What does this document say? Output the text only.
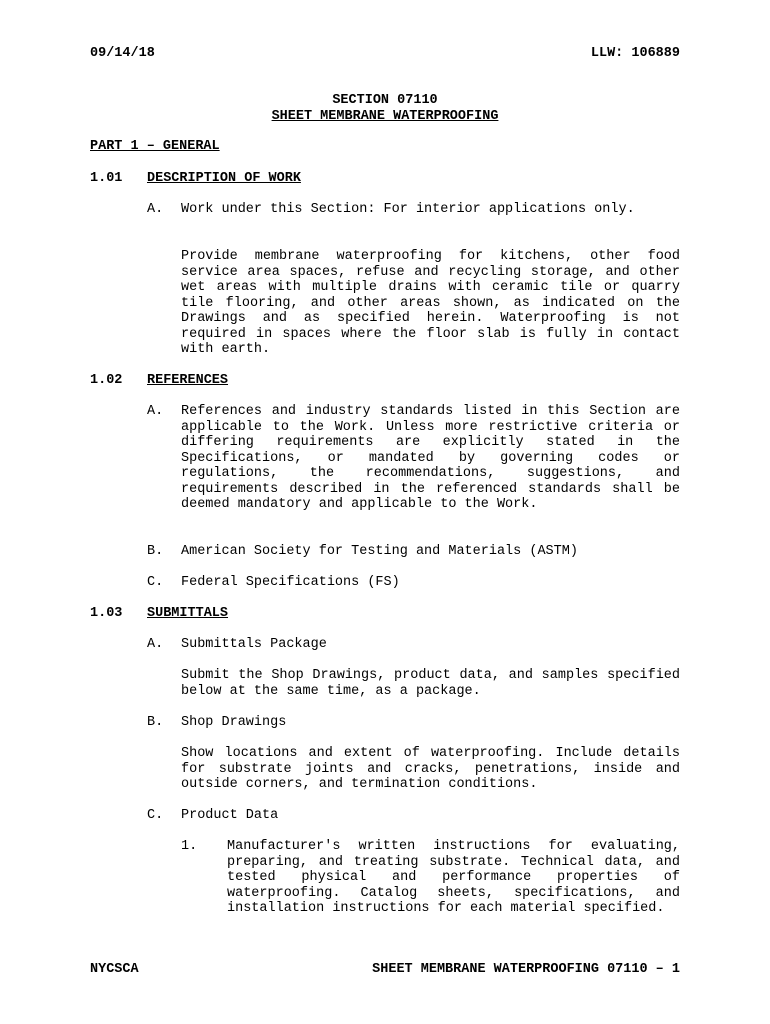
09/14/18	LLW: 106889
SECTION 07110
SHEET MEMBRANE WATERPROOFING
PART 1 – GENERAL
1.01 DESCRIPTION OF WORK
A. Work under this Section: For interior applications only.
Provide membrane waterproofing for kitchens, other food service area spaces, refuse and recycling storage, and other wet areas with multiple drains with ceramic tile or quarry tile flooring, and other areas shown, as indicated on the Drawings and as specified herein. Waterproofing is not required in spaces where the floor slab is fully in contact with earth.
1.02 REFERENCES
A. References and industry standards listed in this Section are applicable to the Work. Unless more restrictive criteria or differing requirements are explicitly stated in the Specifications, or mandated by governing codes or regulations, the recommendations, suggestions, and requirements described in the referenced standards shall be deemed mandatory and applicable to the Work.
B. American Society for Testing and Materials (ASTM)
C. Federal Specifications (FS)
1.03 SUBMITTALS
A. Submittals Package
Submit the Shop Drawings, product data, and samples specified below at the same time, as a package.
B. Shop Drawings
Show locations and extent of waterproofing. Include details for substrate joints and cracks, penetrations, inside and outside corners, and termination conditions.
C. Product Data
1. Manufacturer's written instructions for evaluating, preparing, and treating substrate. Technical data, and tested physical and performance properties of waterproofing. Catalog sheets, specifications, and installation instructions for each material specified.
NYCSCA	SHEET MEMBRANE WATERPROOFING 07110 – 1
